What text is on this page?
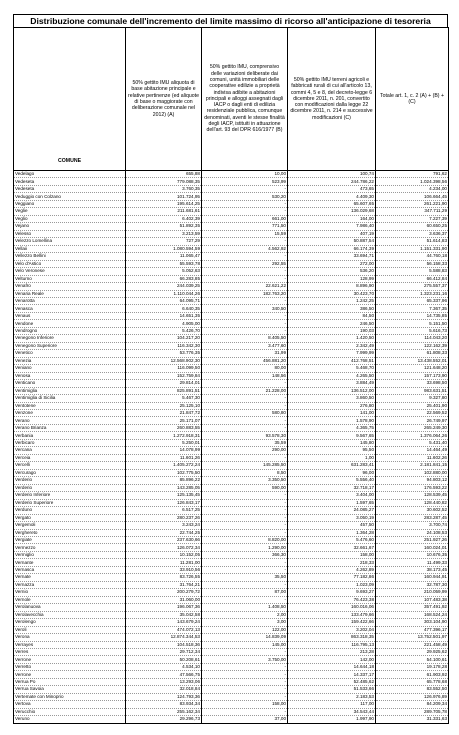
Distribuzione comunale dell'incremento del limite massimo di ricorso all'anticipazione di tesoreria
COMUNE	50% gettito IMU aliquota di base abitazione principale e relative pertinenze (ed aliquote di base o maggiorate con deliberazione comunale nel 2012) (A)	50% gettito IMU, comprensivo delle variazioni deliberate dai comuni, unità immobiliari delle cooperative edilizie a proprietà indivisa adibite a abitazioni principali e alloggi assegnati dagli IACP o dagli enti di edilizia residenziale pubblica, comunque denominati, aventi le stesse finalità degli IACP, istituiti in attuazione dell'art. 93 del DPR 616/1977 (B)	50% gettito IMU terreni agricoli e fabbricati rurali di cui all'articolo 13, commi 4, 5 e 8, del decreto-legge 6 dicembre 2011, n. 201, convertito con modificazioni dalla legge 22 dicembre 2011, n. 214 e successive modificazioni (C)	Totale art. 1, c. 2 (A) + (B) + (C)
Vedelago	655,88	10,00	100,74	791,62
Vedeseta	779.088,35	523,99	244.786,22	1.024.398,56
Vedeseta	3.760,35	-	473,65	4.234,00
Veduggio con Colzano	101.724,95	530,20	4.409,30	106.664,45
Veggiano	195.614,25	-	65.607,65	261.221,90
Veglie	211.681,61	-	136.029,68	347.711,29
Veglio	6.402,39	661,00	164,00	7.227,39
Vejano	51.892,35	771,50	7.986,40	60.650,25
Velesso	3.213,59	15,59	407,19	3.636,37
Velezzo Lomellina	727,29	-	50.887,54	51.614,83
Vellaii	1.080.594,59	4.562,92	66.174,39	1.151.331,90
Vellezzo Bellini	11.065,47	-	33.694,71	44.760,18
Velo d'Astico	55.593,78	292,55	272,00	56.158,33
Velo Veronese	5.052,63	-	536,20	5.588,83
Velturno	66.283,85	-	128,99	66.412,84
Venafro	244.039,25	22.621,22	8.896,90	275.557,37
Venaria Reale	1.110.044,26	182.763,20	30.423,70	1.323.231,16
Venarotta	64.095,71	-	1.242,25	65.337,96
Venasca	6.640,35	340,50	386,50	7.367,35
Venaus	14.651,35	-	84,50	14.735,85
Vendone	4.905,00	-	246,50	5.151,50
Vendrogno	5.426,70	-	190,03	5.616,73
Venegono Inferiore	104.217,20	8.405,50	1.420,50	114.043,20
Venegono Superiore	116.342,30	3.477,60	2.342,49	122.162,39
Venetico	53.776,35	31,99	7.999,99	61.808,33
Venezia	12.568.902,30	456.881,20	412.768,51	13.438.552,01
Veniano	116.099,50	80,00	5.468,70	121.648,20
Venosa	152.759,84	148,56	4.265,50	157.173,90
Venticano	29.814,01	-	3.884,49	33.698,50
Ventimiglia	825.891,51	21.228,00	136.512,00	983.631,51
Ventimiglia di Sicilia	5.467,30	-	3.860,50	9.327,80
Ventotene	25.125,10	-	276,80	25.401,90
Venzone	21.847,72	580,80	141,00	22.569,52
Verano	25.171,07	-	1.578,90	26.749,97
Verano Brianza	260.883,55	-	4.365,75	265.249,30
Verbania	1.272.918,31	93.578,30	9.567,65	1.376.064,26
Verbicaro	5.250,01	35,59	145,80	5.431,40
Vercana	14.078,99	290,00	95,50	14.464,49
Verceia	11.601,26	-	1,00	11.602,26
Vercelli	1.405.272,24	145.285,50	631.283,41	2.181.841,15
Vercurago	102.775,50	8,50	96,00	102.880,00
Verderio	85.896,22	3.350,50	5.556,40	94.803,12
Verderio	143.285,05	590,00	32.718,17	176.593,22
Verderio Inferiore	125.135,45	-	3.404,00	128.539,45
Verderio Superiore	126.843,17	-	1.597,65	128.440,82
Verduno	6.517,25	-	24.085,27	30.602,52
Vergato	280.237,26	-	3.050,19	283.287,45
Vergemoli	3.243,24	-	457,50	3.700,74
Verghereto	22.744,25	-	1.364,28	24.108,53
Vergiate	237.630,66	8.820,00	5.476,60	251.927,26
Vermezzo	126.072,34	1.290,00	32.661,67	160.024,01
Vermiglio	10.152,05	366,30	158,00	10.676,35
Vernante	11.281,00	-	218,33	11.499,33
Vernasca	33.910,56	-	4.262,89	38.173,45
Vernate	83.726,55	35,50	77.182,86	160.944,91
Vernazza	31.764,21	-	1.023,09	32.787,30
Vernio	200.279,72	87,00	9.693,27	210.059,99
Vernole	31.060,00	-	76.423,38	107.483,38
Verolanuova	196.067,36	1.408,50	160.016,06	357.491,92
Verolavecchia	35.042,58	2,00	133.479,66	168.524,24
Verolengo	143.679,24	3,00	159.422,66	303.104,90
Veroli	474.072,13	122,00	3.202,04	477.396,17
Verona	12.874.344,53	14.839,09	863.318,35	13.752.501,97
Verrayes	104.518,36	145,00	116.795,13	221.458,49
Verres	29.712,34	-	213,28	29.925,62
Verrone	50.208,61	3.750,00	142,00	54.100,61
Verretto	4.534,10	-	14.644,18	19.178,28
Verrone	47.566,75	-	14.337,17	61.903,92
Verrua Po	13.293,06	-	52.485,62	65.778,68
Verrua Savoia	32.018,84	-	51.533,66	83.552,50
Vertemate con Minoprio	124.793,36	-	2.183,53	126.976,89
Vertova	83.934,34	158,00	117,00	84.209,34
Verucchio	255.162,34	-	34.543,44	289.705,78
Veruno	29.296,73	37,00	1.997,90	31.331,63
